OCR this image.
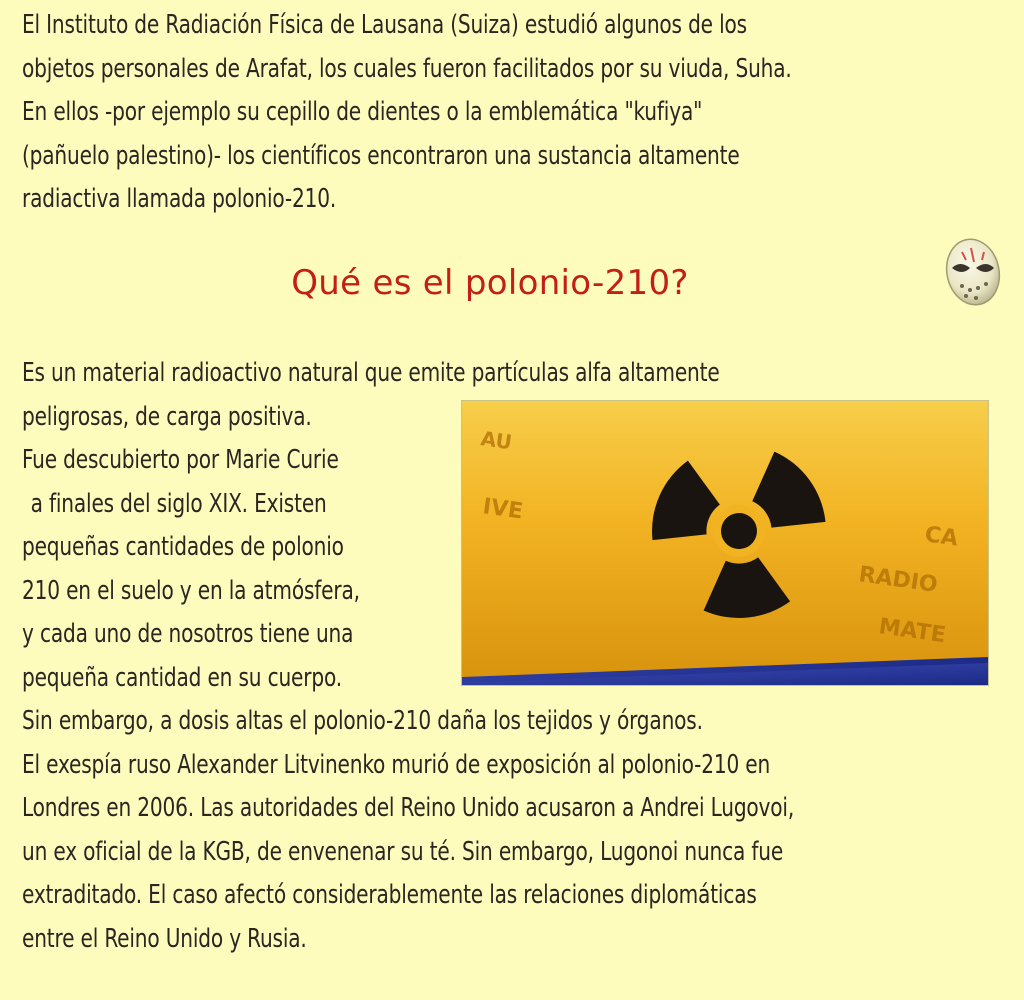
El Instituto de Radiación Física de Lausana (Suiza) estudió algunos de los
objetos personales de Arafat, los cuales fueron facilitados por su viuda, Suha.
En ellos -por ejemplo su cepillo de dientes o la emblemática "kufiya"
(pañuelo palestino)- los científicos encontraron una sustancia altamente
radiactiva llamada polonio-210.
Qué es el polonio-210?
Es un material radioactivo natural que emite partículas alfa altamente
peligrosas, de carga positiva.
Fue descubierto por Marie Curie
a finales del siglo XIX. Existen
pequeñas cantidades de polonio
210 en el suelo y en la atmósfera,
y cada uno de nosotros tiene una
pequeña cantidad en su cuerpo.
Sin embargo, a dosis altas el polonio-210 daña los tejidos y órganos.
El exespía ruso Alexander Litvinenko murió de exposición al polonio-210 en
Londres en 2006. Las autoridades del Reino Unido acusaron a Andrei Lugovoi,
un ex oficial de la KGB, de envenenar su té. Sin embargo, Lugonoi nunca fue
extraditado. El caso afectó considerablemente las relaciones diplomáticas
entre el Reino Unido y Rusia.
AU
IVE
CA
RADIO
MATE
